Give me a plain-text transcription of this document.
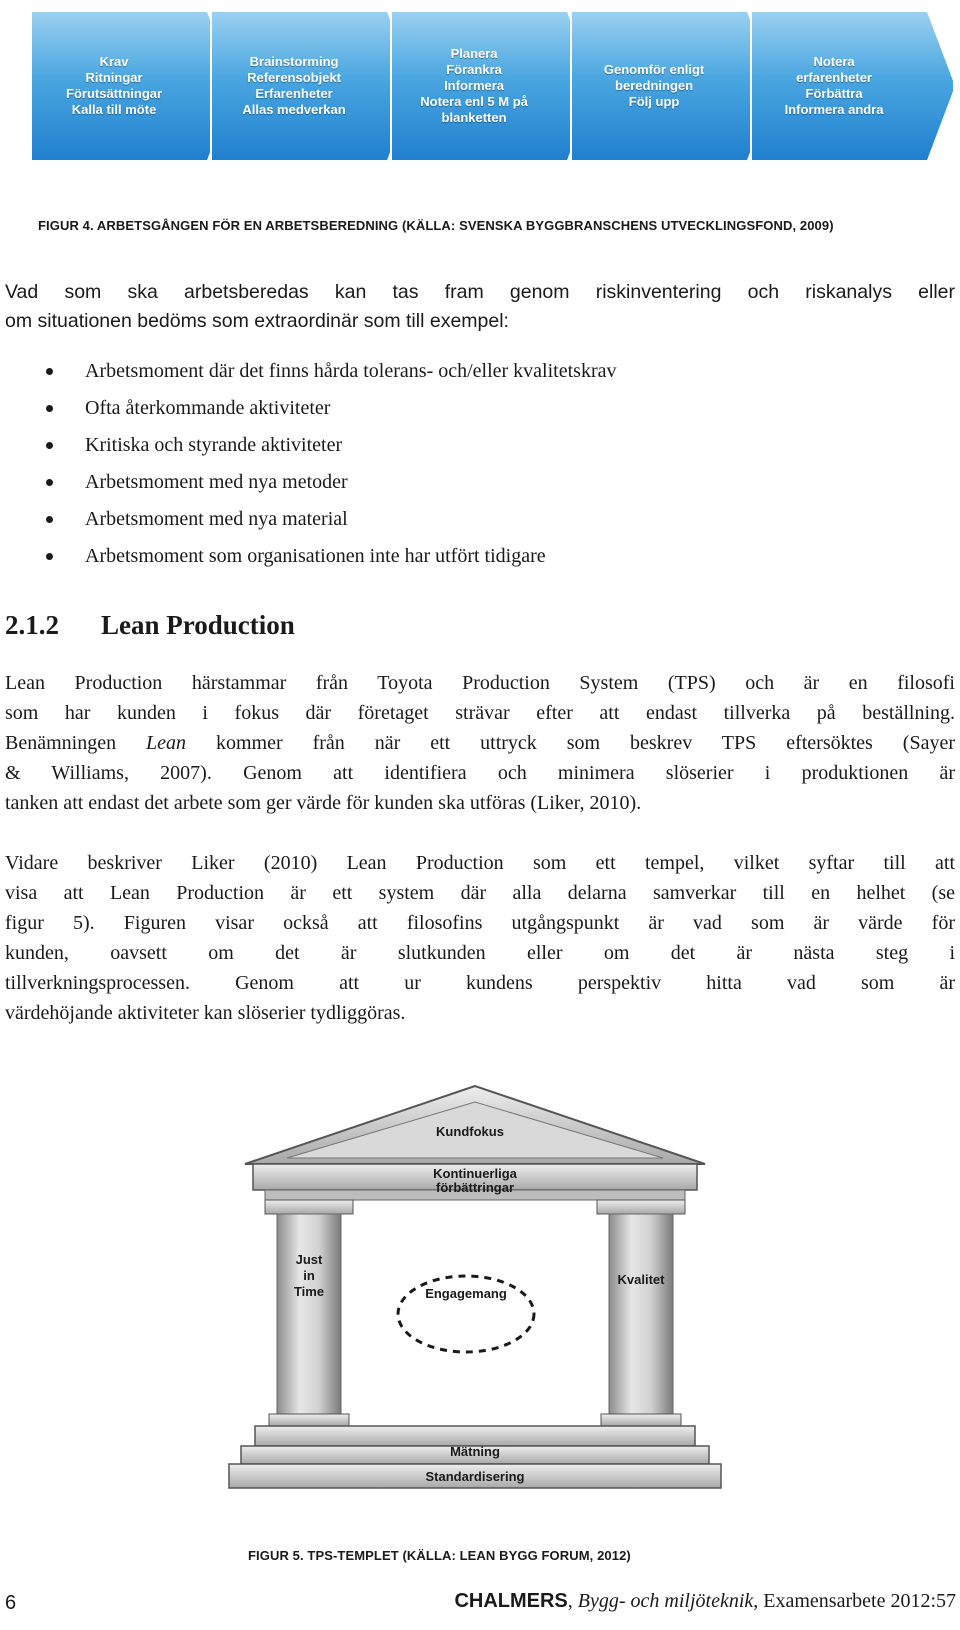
Krav
Ritningar
Förutsättningar
Kalla till möte
Brainstorming
Referensobjekt
Erfarenheter
Allas medverkan
Planera
Förankra
Informera
Notera enl 5 M på
blanketten
Genomför enligt
beredningen
Följ upp
Notera
erfarenheter
Förbättra
Informera andra
FIGUR 4. ARBETSGÅNGEN FÖR EN ARBETSBEREDNING (KÄLLA: SVENSKA BYGGBRANSCHENS UTVECKLINGSFOND, 2009)
Vad som ska arbetsberedas kan tas fram genom riskinventering och riskanalys eller
om situationen bedöms som extraordinär som till exempel:
Arbetsmoment där det finns hårda tolerans- och/eller kvalitetskrav
Ofta återkommande aktiviteter
Kritiska och styrande aktiviteter
Arbetsmoment med nya metoder
Arbetsmoment med nya material
Arbetsmoment som organisationen inte har utfört tidigare
2.1.2 Lean Production
Lean Production härstammar från Toyota Production System (TPS) och är en filosofi
som har kunden i fokus där företaget strävar efter att endast tillverka på beställning.
Benämningen Lean kommer från när ett uttryck som beskrev TPS eftersöktes (Sayer
& Williams, 2007). Genom att identifiera och minimera slöserier i produktionen är
tanken att endast det arbete som ger värde för kunden ska utföras (Liker, 2010).
Vidare beskriver Liker (2010) Lean Production som ett tempel, vilket syftar till att
visa att Lean Production är ett system där alla delarna samverkar till en helhet (se
figur 5). Figuren visar också att filosofins utgångspunkt är vad som är värde för
kunden, oavsett om det är slutkunden eller om det är nästa steg i
tillverkningsprocessen. Genom att ur kundens perspektiv hitta vad som är
värdehöjande aktiviteter kan slöserier tydliggöras.
Kundfokus
Kontinuerliga
förbättringar
Just
in
Time	Engagemang
Kvalitet
Mätning
Standardisering
FIGUR 5. TPS-TEMPLET (KÄLLA: LEAN BYGG FORUM, 2012)
6	CHALMERS, Bygg- och miljöteknik, Examensarbete 2012:57
